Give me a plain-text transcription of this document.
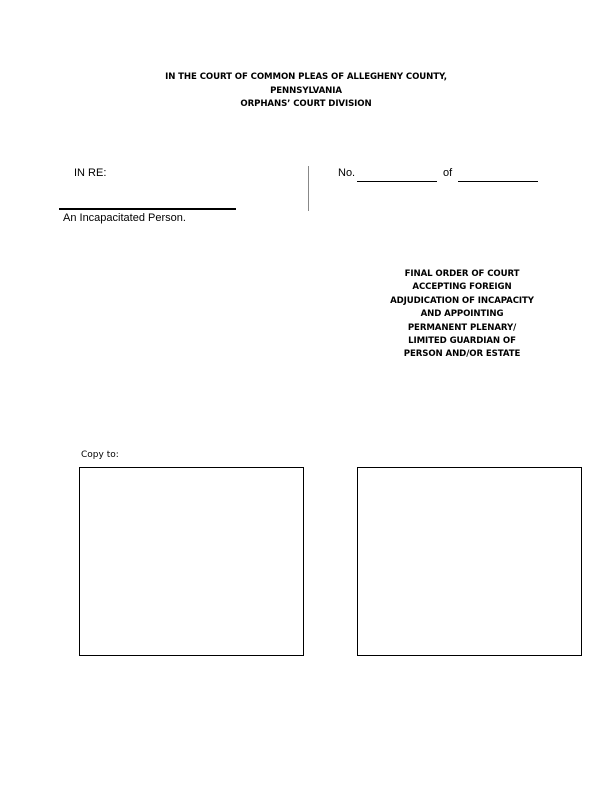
IN THE COURT OF COMMON PLEAS OF ALLEGHENY COUNTY,
PENNSYLVANIA
ORPHANS’ COURT DIVISION
IN RE:	No.	of
An Incapacitated Person.
FINAL ORDER OF COURT
ACCEPTING FOREIGN
ADJUDICATION OF INCAPACITY
AND APPOINTING
PERMANENT PLENARY/
LIMITED GUARDIAN OF
PERSON AND/OR ESTATE
Copy to:
